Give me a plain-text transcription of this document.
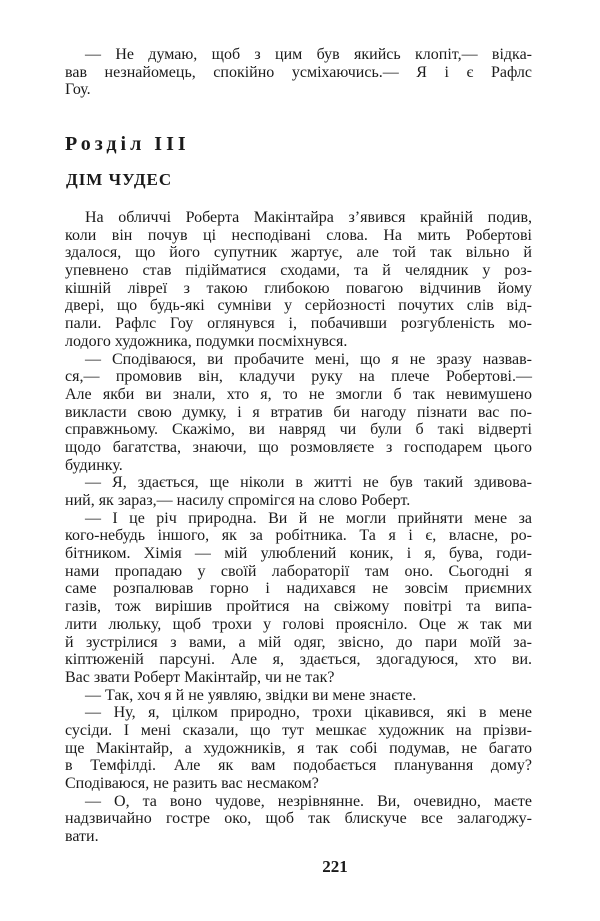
— Не думаю, щоб з цим був якийсь клопіт,— відка-
вав незнайомець, спокійно усміхаючись.— Я і є Рафлс
Гоу.
Розділ III
ДІМ ЧУДЕС
На обличчі Роберта Макінтайра з’явився крайній подив,
коли він почув ці несподівані слова. На мить Робертові
здалося, що його супутник жартує, але той так вільно й
упевнено став підійматися сходами, та й челядник у роз-
кішній ліврeї з такою глибокою повагою відчинив йому
двері, що будь-які сумніви у серйозності почутих слів від-
пали. Рафлс Гоу оглянувся і, побачивши розгубленість мо-
лодого художника, подумки посміхнувся.
— Сподіваюся, ви пробачите мені, що я не зразу назвав-
ся,— промовив він, кладучи руку на плече Робертові.—
Але якби ви знали, хто я, то не змогли б так невимушено
викласти свою думку, і я втратив би нагоду пізнати вас по-
справжньому. Скажімо, ви навряд чи були б такі відверті
щодо багатства, знаючи, що розмовляєте з господарем цього
будинку.
— Я, здається, ще ніколи в житті не був такий здивова-
ний, як зараз,— насилу спромігся на слово Роберт.
— І це річ природна. Ви й не могли прийняти мене за
кого-небудь іншого, як за робітника. Та я і є, власне, ро-
бітником. Хімія — мій улюблений коник, і я, бува, годи-
нами пропадаю у своїй лабораторії там оно. Сьогодні я
саме розпалював горно і надихався не зовсім приємних
газів, тож вирішив пройтися на свіжому повітрі та випа-
лити люльку, щоб трохи у голові проясніло. Оце ж так ми
й зустрілися з вами, а мій одяг, звісно, до пари моїй за-
кіптюженій парсуні. Але я, здається, здогадуюся, хто ви.
Вас звати Роберт Макінтайр, чи не так?
— Так, хоч я й не уявляю, звідки ви мене знаєте.
— Ну, я, цілком природно, трохи цікавився, які в мене
сусіди. І мені сказали, що тут мешкає художник на прізви-
ще Макінтайр, а художників, я так собі подумав, не багато
в Темфілді. Але як вам подобається планування дому?
Сподіваюся, не разить вас несмаком?
— О, та воно чудове, незрівнянне. Ви, очевидно, маєте
надзвичайно гостре око, щоб так блискуче все залагоджу-
вати.
221
